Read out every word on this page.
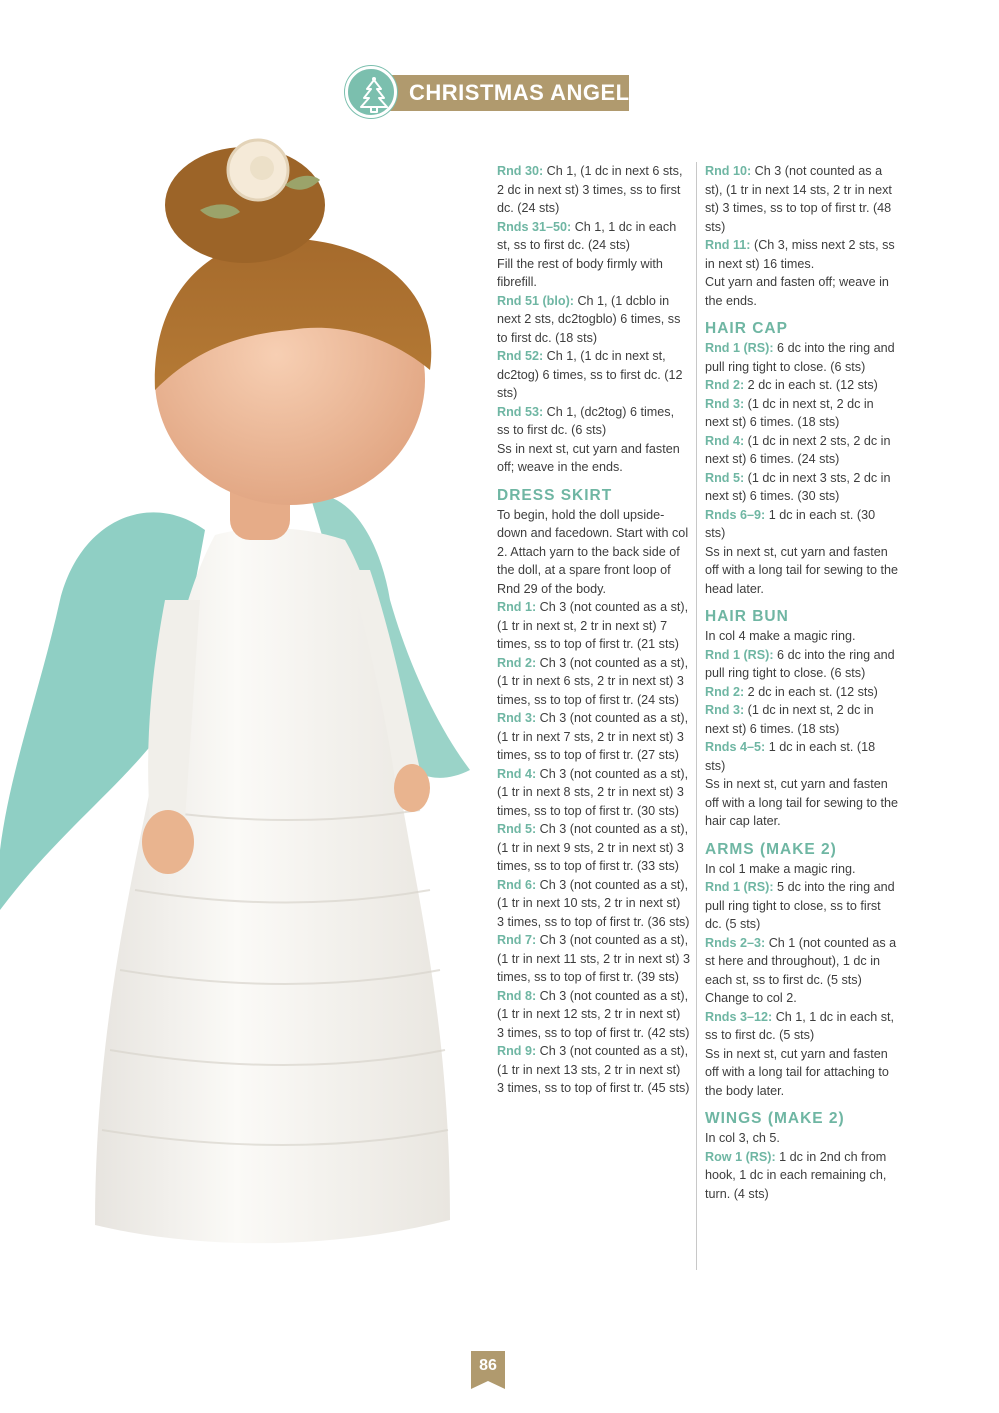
CHRISTMAS ANGEL

Rnd 30: Ch 1, (1 dc in next 6 sts, 2 dc in next st) 3 times, ss to first dc. (24 sts)

Rnds 31–50: Ch 1, 1 dc in each st, ss to first dc. (24 sts)

Fill the rest of body firmly with fibrefill.

Rnd 51 (blo): Ch 1, (1 dcblo in next 2 sts, dc2togblo) 6 times, ss to first dc. (18 sts)

Rnd 52: Ch 1, (1 dc in next st, dc2tog) 6 times, ss to first dc. (12 sts)

Rnd 53: Ch 1, (dc2tog) 6 times, ss to first dc. (6 sts)

Ss in next st, cut yarn and fasten off; weave in the ends.

DRESS SKIRT

To begin, hold the doll upside-down and facedown. Start with col 2. Attach yarn to the back side of the doll, at a spare front loop of Rnd 29 of the body.

Rnd 1: Ch 3 (not counted as a st), (1 tr in next st, 2 tr in next st) 7 times, ss to top of first tr. (21 sts)

Rnd 2: Ch 3 (not counted as a st), (1 tr in next 6 sts, 2 tr in next st) 3 times, ss to top of first tr. (24 sts)

Rnd 3: Ch 3 (not counted as a st), (1 tr in next 7 sts, 2 tr in next st) 3 times, ss to top of first tr. (27 sts)

Rnd 4: Ch 3 (not counted as a st), (1 tr in next 8 sts, 2 tr in next st) 3 times, ss to top of first tr. (30 sts)

Rnd 5: Ch 3 (not counted as a st), (1 tr in next 9 sts, 2 tr in next st) 3 times, ss to top of first tr. (33 sts)

Rnd 6: Ch 3 (not counted as a st), (1 tr in next 10 sts, 2 tr in next st) 3 times, ss to top of first tr. (36 sts)

Rnd 7: Ch 3 (not counted as a st), (1 tr in next 11 sts, 2 tr in next st) 3 times, ss to top of first tr. (39 sts)

Rnd 8: Ch 3 (not counted as a st), (1 tr in next 12 sts, 2 tr in next st) 3 times, ss to top of first tr. (42 sts)

Rnd 9: Ch 3 (not counted as a st), (1 tr in next 13 sts, 2 tr in next st) 3 times, ss to top of first tr. (45 sts)

Rnd 10: Ch 3 (not counted as a st), (1 tr in next 14 sts, 2 tr in next st) 3 times, ss to top of first tr. (48 sts)

Rnd 11: (Ch 3, miss next 2 sts, ss in next st) 16 times.

Cut yarn and fasten off; weave in the ends.

HAIR CAP

Rnd 1 (RS): 6 dc into the ring and pull ring tight to close. (6 sts)

Rnd 2: 2 dc in each st. (12 sts)

Rnd 3: (1 dc in next st, 2 dc in next st) 6 times. (18 sts)

Rnd 4: (1 dc in next 2 sts, 2 dc in next st) 6 times. (24 sts)

Rnd 5: (1 dc in next 3 sts, 2 dc in next st) 6 times. (30 sts)

Rnds 6–9: 1 dc in each st. (30 sts)

Ss in next st, cut yarn and fasten off with a long tail for sewing to the head later.

HAIR BUN

In col 4 make a magic ring.

Rnd 1 (RS): 6 dc into the ring and pull ring tight to close. (6 sts)

Rnd 2: 2 dc in each st. (12 sts)

Rnd 3: (1 dc in next st, 2 dc in next st) 6 times. (18 sts)

Rnds 4–5: 1 dc in each st. (18 sts)

Ss in next st, cut yarn and fasten off with a long tail for sewing to the hair cap later.

ARMS (MAKE 2)

In col 1 make a magic ring.

Rnd 1 (RS): 5 dc into the ring and pull ring tight to close, ss to first dc. (5 sts)

Rnds 2–3: Ch 1 (not counted as a st here and throughout), 1 dc in each st, ss to first dc. (5 sts)

Change to col 2.

Rnds 3–12: Ch 1, 1 dc in each st, ss to first dc. (5 sts)

Ss in next st, cut yarn and fasten off with a long tail for attaching to the body later.

WINGS (MAKE 2)

In col 3, ch 5.

Row 1 (RS): 1 dc in 2nd ch from hook, 1 dc in each remaining ch, turn. (4 sts)

86
